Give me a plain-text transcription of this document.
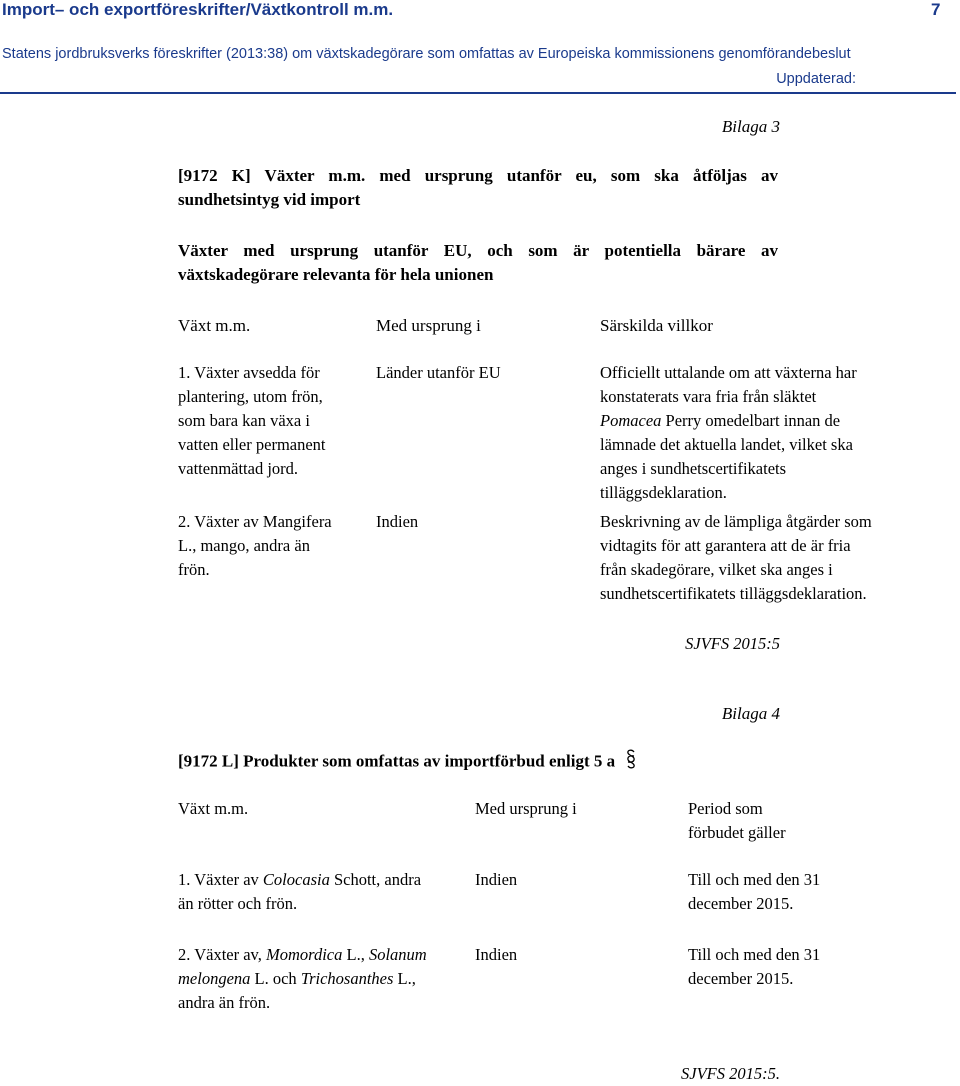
Import– och exportföreskrifter/Växtkontroll m.m.	7
Statens jordbruksverks föreskrifter (2013:38) om växtskadegörare som omfattas av Europeiska kommissionens genomförandebeslut
Uppdaterad:
Bilaga 3
[9172 K] Växter m.m. med ursprung utanför eu, som ska åtföljas av
sundhetsintyg vid import
Växter med ursprung utanför EU, och som är potentiella bärare av
växtskadegörare relevanta för hela unionen
Växt m.m.	Med ursprung i	Särskilda villkor
1. Växter avsedda för
plantering, utom frön,
som bara kan växa i
vatten eller permanent
vattenmättad jord.
Länder utanför EU	Officiellt uttalande om att växterna har
konstaterats vara fria från släktet
Pomacea Perry omedelbart innan de
lämnade det aktuella landet, vilket ska
anges i sundhetscertifikatets
tilläggsdeklaration.
2. Växter av Mangifera
L., mango, andra än
frön.
Indien	Beskrivning av de lämpliga åtgärder som
vidtagits för att garantera att de är fria
från skadegörare, vilket ska anges i
sundhetscertifikatets tilläggsdeklaration.
SJVFS 2015:5
Bilaga 4
[9172 L] Produkter som omfattas av importförbud enligt 5 a
Växt m.m.	Med ursprung i	Period som
förbudet gäller
1. Växter av Colocasia Schott, andra
än rötter och frön.
Indien	Till och med den 31
december 2015.
2. Växter av, Momordica L., Solanum
melongena L. och Trichosanthes L.,
andra än frön.
Indien	Till och med den 31
december 2015.
SJVFS 2015:5.
